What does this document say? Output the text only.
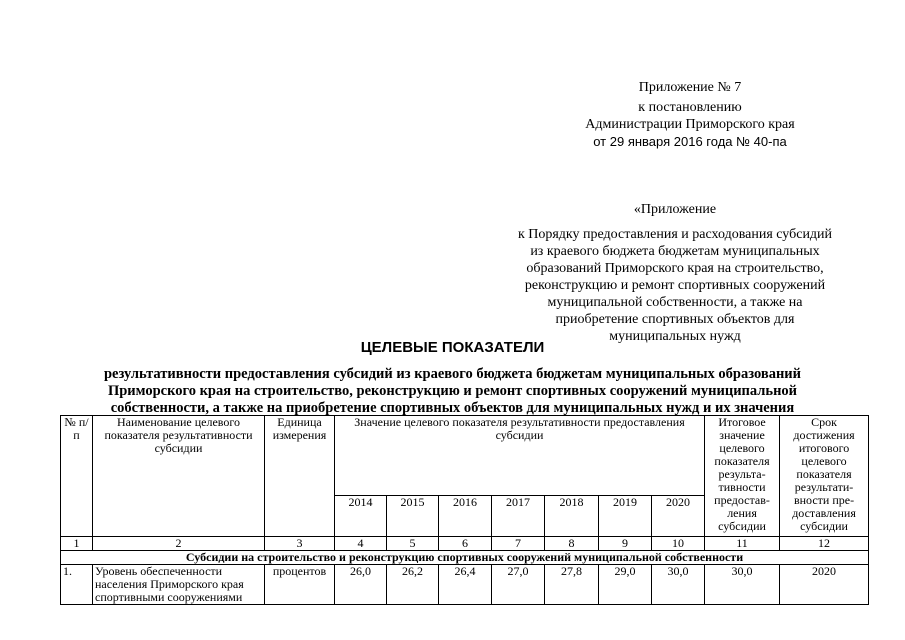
Приложение № 7
к постановлению
Администрации Приморского края
от 29 января 2016 года № 40-па
«Приложение
к Порядку предоставления и расходования субсидий
из краевого бюджета бюджетам муниципальных
образований Приморского края на строительство,
реконструкцию и ремонт спортивных сооружений
муниципальной собственности, а также на
приобретение спортивных объектов для
муниципальных нужд
ЦЕЛЕВЫЕ ПОКАЗАТЕЛИ
результативности предоставления субсидий из краевого бюджета бюджетам муниципальных образований
Приморского края на строительство, реконструкцию и ремонт спортивных сооружений муниципальной
собственности, а также на приобретение спортивных объектов для муниципальных нужд и их значения
№ п/п	Наименование целевого показателя результативности субсидии	Единица измерения	Значение целевого показателя результативности предоставления субсидии							Итоговое значение целевого показателя результа-тивности предостав-ления субсидии	Срок достижения итогового целевого показателя результати-вности пре-доставления субсидии
			2014	2015	2016	2017	2018	2019	2020		
1	2	3	4	5	6	7	8	9	10	11	12
Субсидии на строительство и реконструкцию спортивных сооружений муниципальной собственности											
1.	Уровень обеспеченности населения Приморского края спортивными сооружениями	процентов	26,0	26,2	26,4	27,0	27,8	29,0	30,0	30,0	2020
